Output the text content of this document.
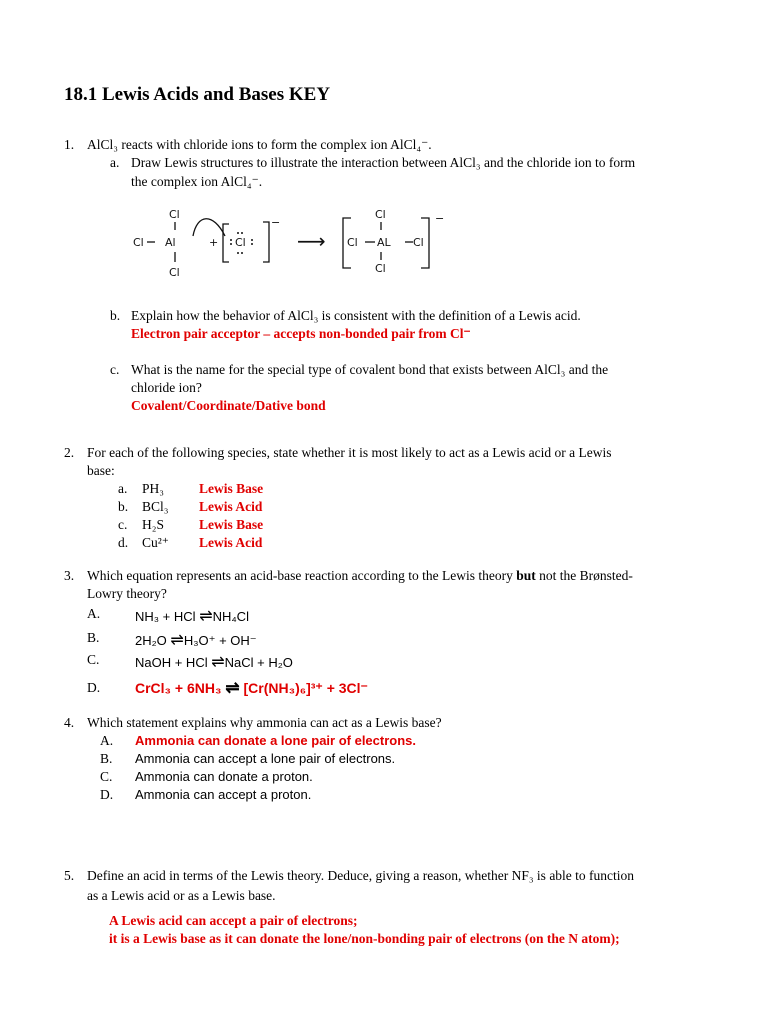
18.1 Lewis Acids and Bases KEY
1. AlCl₃ reacts with chloride ions to form the complex ion AlCl₄⁻.
a. Draw Lewis structures to illustrate the interaction between AlCl₃ and the chloride ion to form
the complex ion AlCl₄⁻.
Cl
Cl Al
Cl
+ Cl
−
⟶
Cl
Cl AL Cl
Cl
−
b. Explain how the behavior of AlCl₃ is consistent with the definition of a Lewis acid.
Electron pair acceptor – accepts non-bonded pair from Cl⁻
c. What is the name for the special type of covalent bond that exists between AlCl₃ and the
chloride ion?
Covalent/Coordinate/Dative bond
2. For each of the following species, state whether it is most likely to act as a Lewis acid or a Lewis
base:
a. PH₃	Lewis Base
b. BCl₃ Lewis Acid
c. H₂S	Lewis Base
d. Cu²⁺ Lewis Acid
3. Which equation represents an acid-base reaction according to the Lewis theory but not the Brønsted-
Lowry theory?
A.	NH₃ + HCl ⇌NH₄Cl
B.	2H₂O ⇌H₃O⁺ + OH⁻
C.	NaOH + HCl ⇌NaCl + H₂O
D. CrCl₃ + 6NH₃ ⇌ [Cr(NH₃)₆]³⁺ + 3Cl⁻
4. Which statement explains why ammonia can act as a Lewis base?
A. Ammonia can donate a lone pair of electrons.
B. Ammonia can accept a lone pair of electrons.
C. Ammonia can donate a proton.
D. Ammonia can accept a proton.
5. Define an acid in terms of the Lewis theory. Deduce, giving a reason, whether NF₃ is able to function
as a Lewis acid or as a Lewis base.
A Lewis acid can accept a pair of electrons;
it is a Lewis base as it can donate the lone/non-bonding pair of electrons (on the N atom);
